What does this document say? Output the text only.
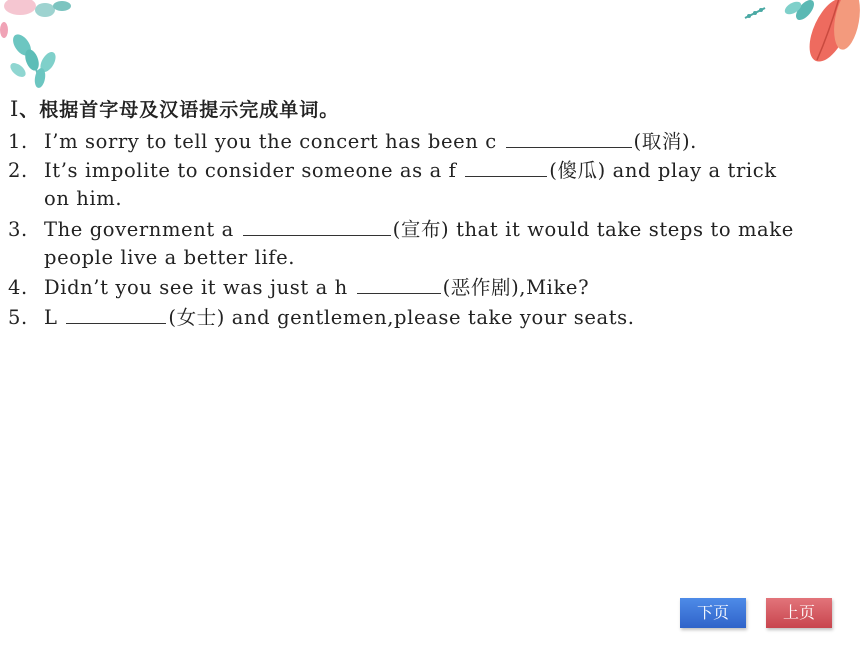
Ⅰ、根据首字母及汉语提示完成单词。
1. I’m sorry to tell you the concert has been c	(取消).
2. It’s impolite to consider someone as a f	(傻瓜) and play a trick
on him.
3. The government a	(宣布) that it would take steps to make
people live a better life.
4. Didn’t you see it was just a h	(恶作剧),Mike?
5. L	(女士) and gentlemen,please take your seats.
下页	上页
